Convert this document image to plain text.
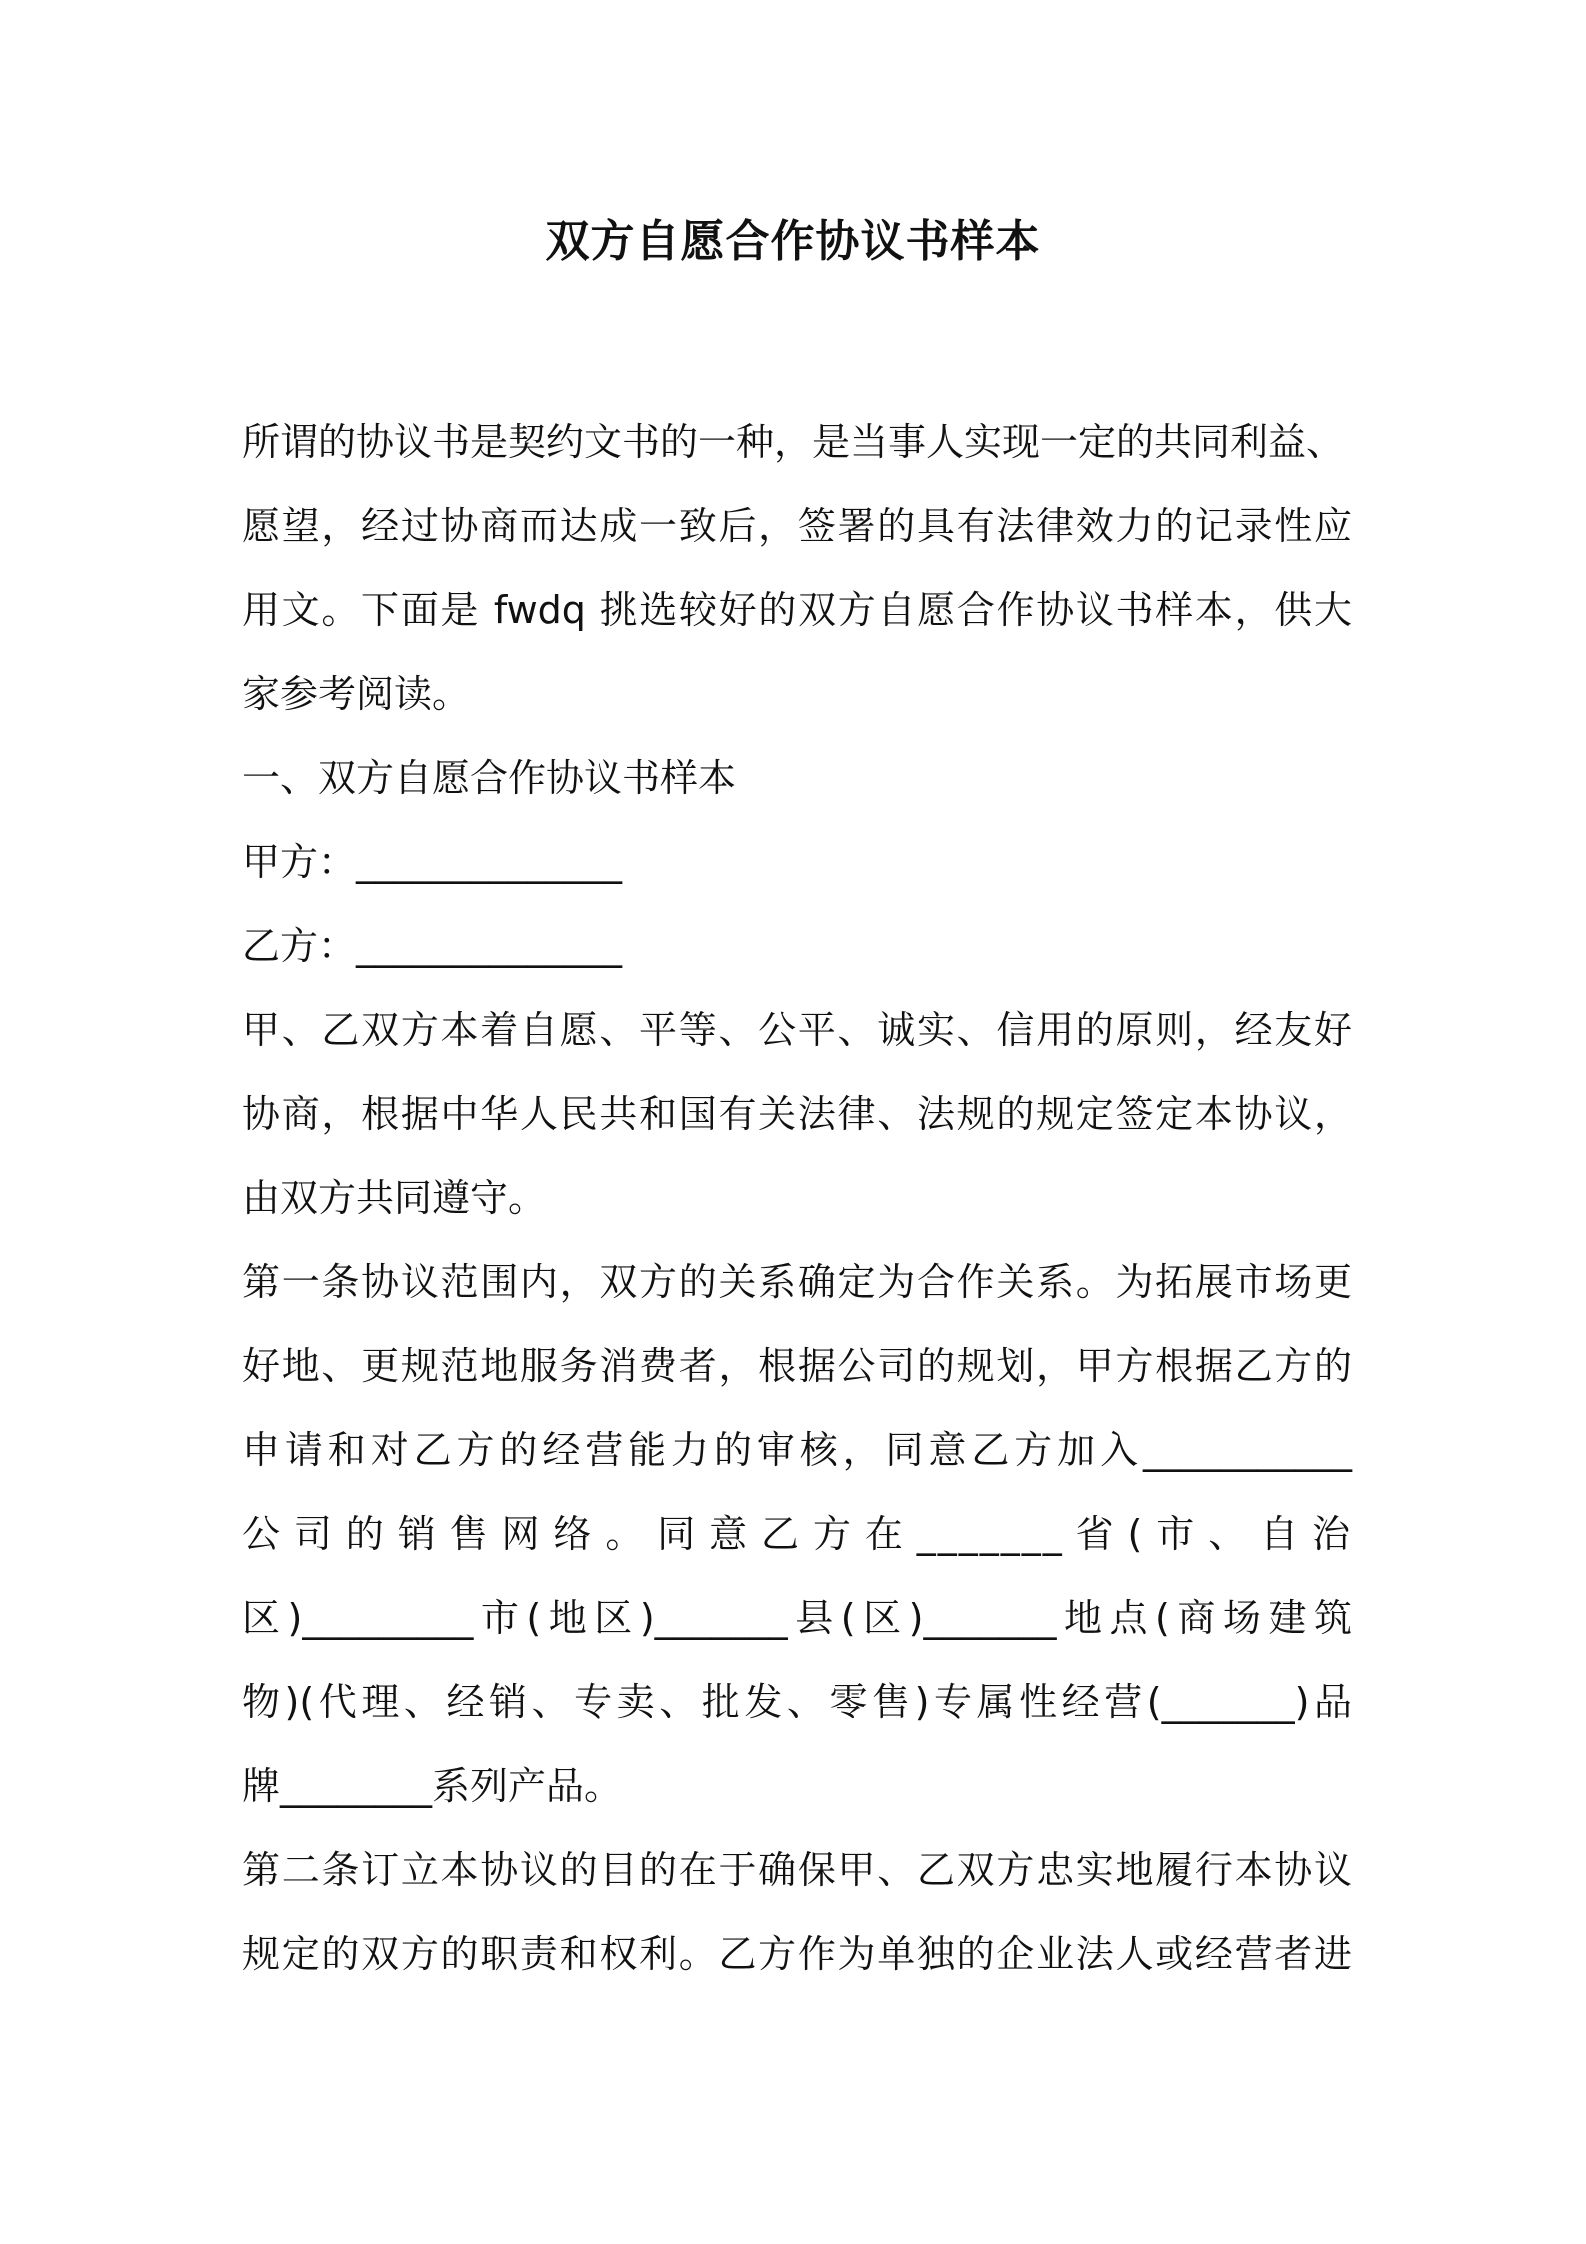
双方自愿合作协议书样本
所谓的协议书是契约文书的一种，是当事人实现一定的共同利益、
愿望，经过协商而达成一致后，签署的具有法律效力的记录性应
用文。下面是 fwdq 挑选较好的双方自愿合作协议书样本，供大
家参考阅读。
一、双方自愿合作协议书样本
甲方：______________
乙方：______________
甲、乙双方本着自愿、平等、公平、诚实、信用的原则，经友好
协商，根据中华人民共和国有关法律、法规的规定签定本协议，
由双方共同遵守。
第一条协议范围内，双方的关系确定为合作关系。为拓展市场更
好地、更规范地服务消费者，根据公司的规划，甲方根据乙方的
申请和对乙方的经营能力的审核，同意乙方加入___________
公司的销售网络。同意乙方在_______省(市、自治
区)_________市(地区)_______县(区)_______地点(商场建筑
物)(代理、经销、专卖、批发、零售)专属性经营(_______)品
牌________系列产品。
第二条订立本协议的目的在于确保甲、乙双方忠实地履行本协议
规定的双方的职责和权利。乙方作为单独的企业法人或经营者进
